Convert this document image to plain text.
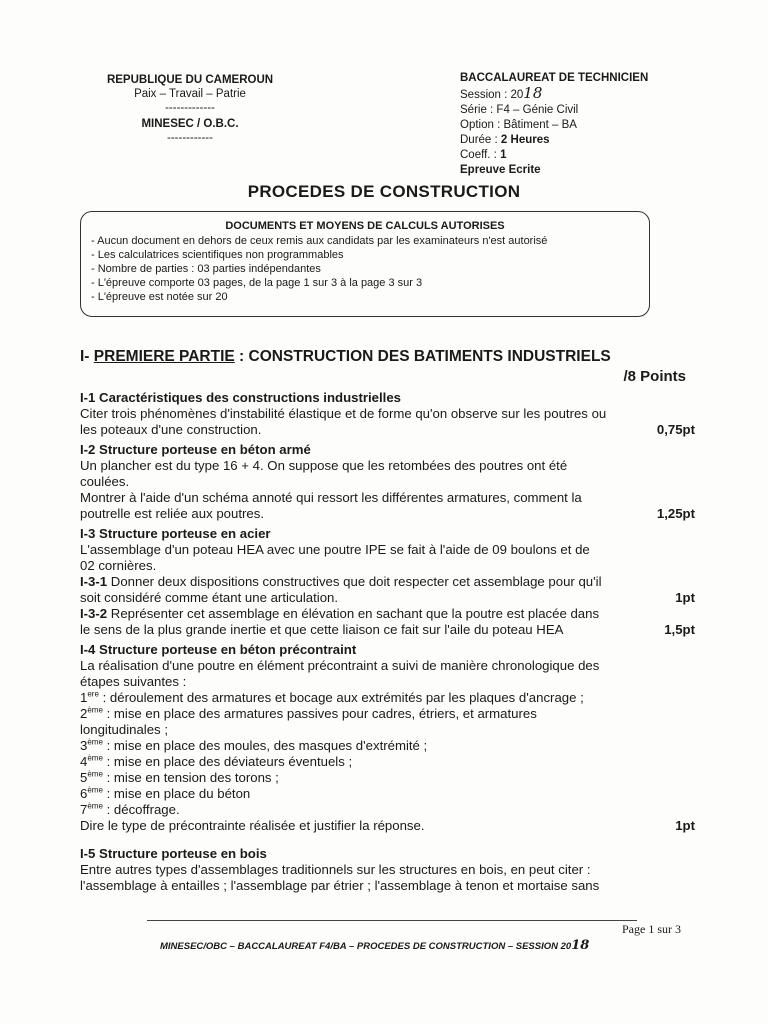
REPUBLIQUE DU CAMEROUN
Paix – Travail – Patrie
-------------
MINESEC / O.B.C.
------------
BACCALAUREAT DE TECHNICIEN
Session : 2018
Série : F4 – Génie Civil
Option : Bâtiment – BA
Durée : 2 Heures
Coeff. : 1
Epreuve Ecrite
PROCEDES DE CONSTRUCTION
DOCUMENTS ET MOYENS DE CALCULS AUTORISES
- Aucun document en dehors de ceux remis aux candidats par les examinateurs n'est autorisé
- Les calculatrices scientifiques non programmables
- Nombre de parties : 03 parties indépendantes
- L'épreuve comporte 03 pages, de la page 1 sur 3 à la page 3 sur 3
- L'épreuve est notée sur 20
I- PREMIERE PARTIE : CONSTRUCTION DES BATIMENTS INDUSTRIELS
/8 Points
I-1 Caractéristiques des constructions industrielles
Citer trois phénomènes d'instabilité élastique et de forme qu'on observe sur les poutres ou
les poteaux d'une construction.	0,75pt
I-2 Structure porteuse en béton armé
Un plancher est du type 16 + 4. On suppose que les retombées des poutres ont été
coulées.
Montrer à l'aide d'un schéma annoté qui ressort les différentes armatures, comment la
poutrelle est reliée aux poutres.	1,25pt
I-3 Structure porteuse en acier
L'assemblage d'un poteau HEA avec une poutre IPE se fait à l'aide de 09 boulons et de
02 cornières.
I-3-1 Donner deux dispositions constructives que doit respecter cet assemblage pour qu'il
soit considéré comme étant une articulation.	1pt
I-3-2 Représenter cet assemblage en élévation en sachant que la poutre est placée dans
le sens de la plus grande inertie et que cette liaison ce fait sur l'aile du poteau HEA	1,5pt
I-4 Structure porteuse en béton précontraint
La réalisation d'une poutre en élément précontraint a suivi de manière chronologique des
étapes suivantes :
1ere : déroulement des armatures et bocage aux extrémités par les plaques d'ancrage ;
2ème : mise en place des armatures passives pour cadres, étriers, et armatures
longitudinales ;
3ème : mise en place des moules, des masques d'extrémité ;
4ème : mise en place des déviateurs éventuels ;
5ème : mise en tension des torons ;
6ème : mise en place du béton
7ème : décoffrage.
Dire le type de précontrainte réalisée et justifier la réponse.	1pt
I-5 Structure porteuse en bois
Entre autres types d'assemblages traditionnels sur les structures en bois, en peut citer :
l'assemblage à entailles ; l'assemblage par étrier ; l'assemblage à tenon et mortaise sans
Page 1 sur 3
MINESEC/OBC – BACCALAUREAT F4/BA – PROCEDES DE CONSTRUCTION – SESSION 2018
